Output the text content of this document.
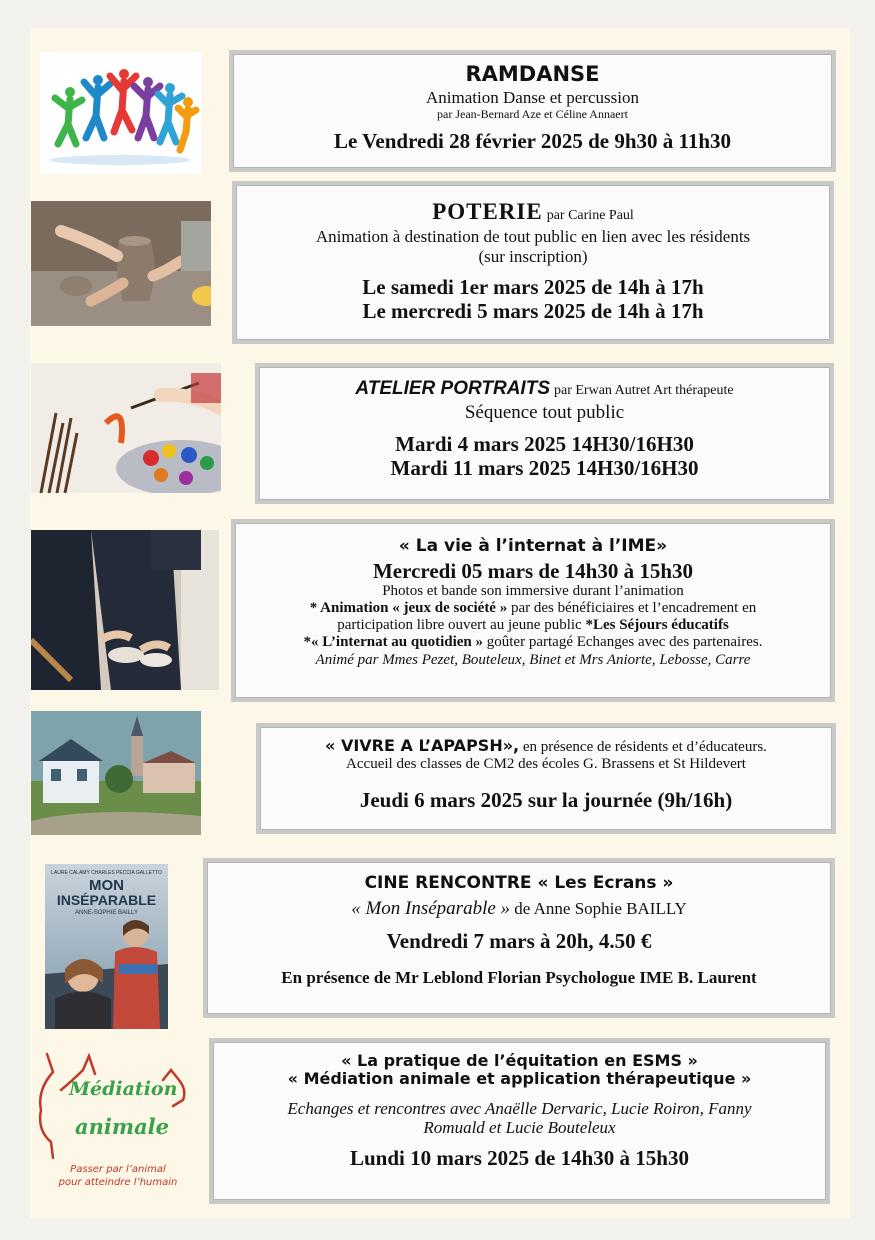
RAMDANSE
Animation Danse et percussion
par Jean-Bernard Aze et Céline Annaert
Le Vendredi 28 février 2025 de 9h30 à 11h30
POTERIE par Carine Paul
Animation à destination de tout public en lien avec les résidents
(sur inscription)
Le samedi 1er mars 2025 de 14h à 17h
Le mercredi 5 mars 2025 de 14h à 17h
ATELIER PORTRAITS par Erwan Autret Art thérapeute
Séquence tout public
Mardi 4 mars 2025 14H30/16H30
Mardi 11 mars 2025 14H30/16H30
« La vie à l’internat à l’IME»
Mercredi 05 mars de 14h30 à 15h30
Photos et bande son immersive durant l’animation
* Animation « jeux de société » par des bénéficiaires et l’encadrement en
participation libre ouvert au jeune public *Les Séjours éducatifs
*« L’internat au quotidien » goûter partagé Echanges avec des partenaires.
Animé par Mmes Pezet, Bouteleux, Binet et Mrs Aniorte, Lebosse, Carre
« VIVRE A L’APAPSH», en présence de résidents et d’éducateurs.
Accueil des classes de CM2 des écoles G. Brassens et St Hildevert
Jeudi 6 mars 2025 sur la journée (9h/16h)
LAURE CALAMY CHARLES PECCIA GALLETTO
MON
INSÉPARABLE
ANNE-SOPHIE BAILLY
CINE RENCONTRE « Les Ecrans »
« Mon Inséparable » de Anne Sophie BAILLY
Vendredi 7 mars à 20h, 4.50 €
En présence de Mr Leblond Florian Psychologue IME B. Laurent
Médiation
animale
Passer par l’animal
pour atteindre l’humain
« La pratique de l’équitation en ESMS »
« Médiation animale et application thérapeutique »
Echanges et rencontres avec Anaëlle Dervaric, Lucie Roiron, Fanny
Romuald et Lucie Bouteleux
Lundi 10 mars 2025 de 14h30 à 15h30
